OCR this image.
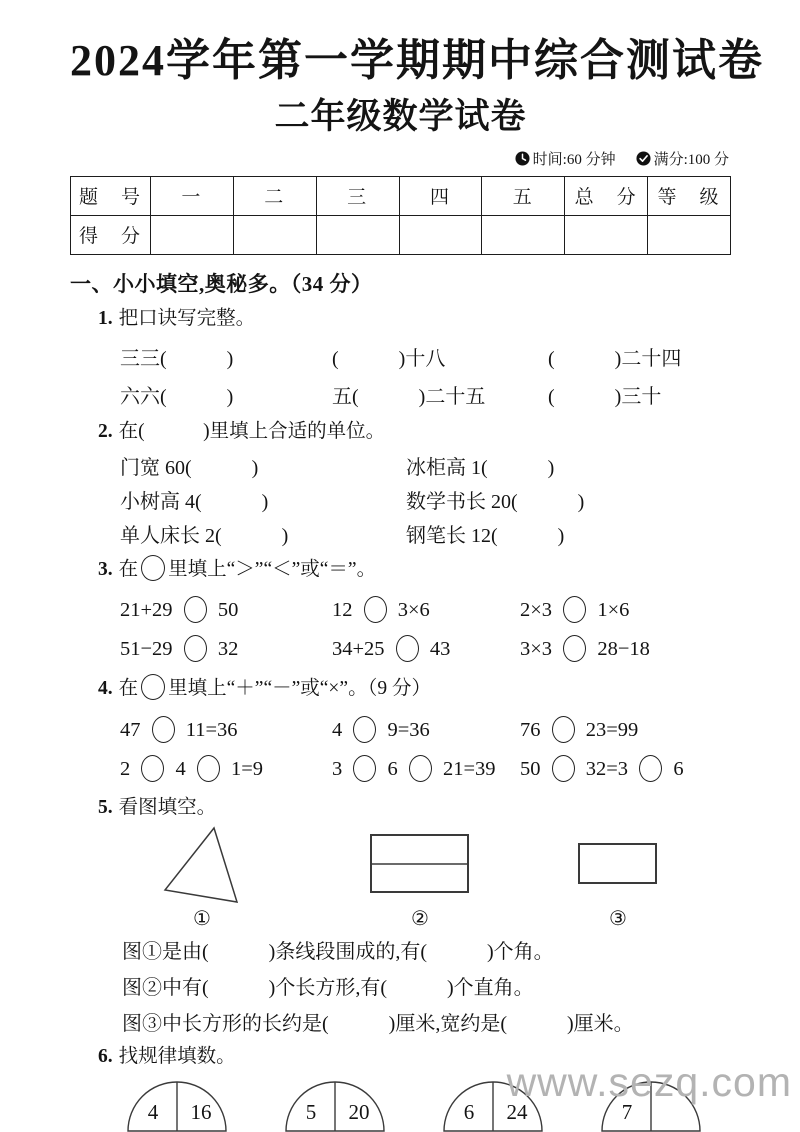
2024学年第一学期期中综合测试卷
二年级数学试卷
时间:60 分钟	满分:100 分
题　号	一	二	三	四	五	总　分	等　级
得　分							
一、小小填空,奥秘多。（34 分）
1. 把口诀写完整。
三三(　　　)	(　　　)十八	(　　　)二十四
六六(　　　)	五(　　　)二十五	(　　　)三十
2. 在(　　　)里填上合适的单位。
门宽 60(　　　)	冰柜高 1(　　　)
小树高 4(　　　)	数学书长 20(　　　)
单人床长 2(　　　)	钢笔长 12(　　　)
3. 在 里填上“＞”“＜”或“＝”。
21+29  50	12  3×6	2×3  1×6
51−29  32	34+25  43	3×3  28−18
4. 在 里填上“＋”“－”或“×”。（9 分）
47  11=36	4  9=36	76  23=99
2  4  1=9	3  6  21=39	50  32=3  6
5. 看图填空。
①	②	③
图①是由(　　　)条线段围成的,有(　　　)个角。
图②中有(　　　)个长方形,有(　　　)个直角。
图③中长方形的长约是(　　　)厘米,宽约是(　　　)厘米。
6. 找规律填数。
4 16	5 20	6 24	7
www.sezq.com
